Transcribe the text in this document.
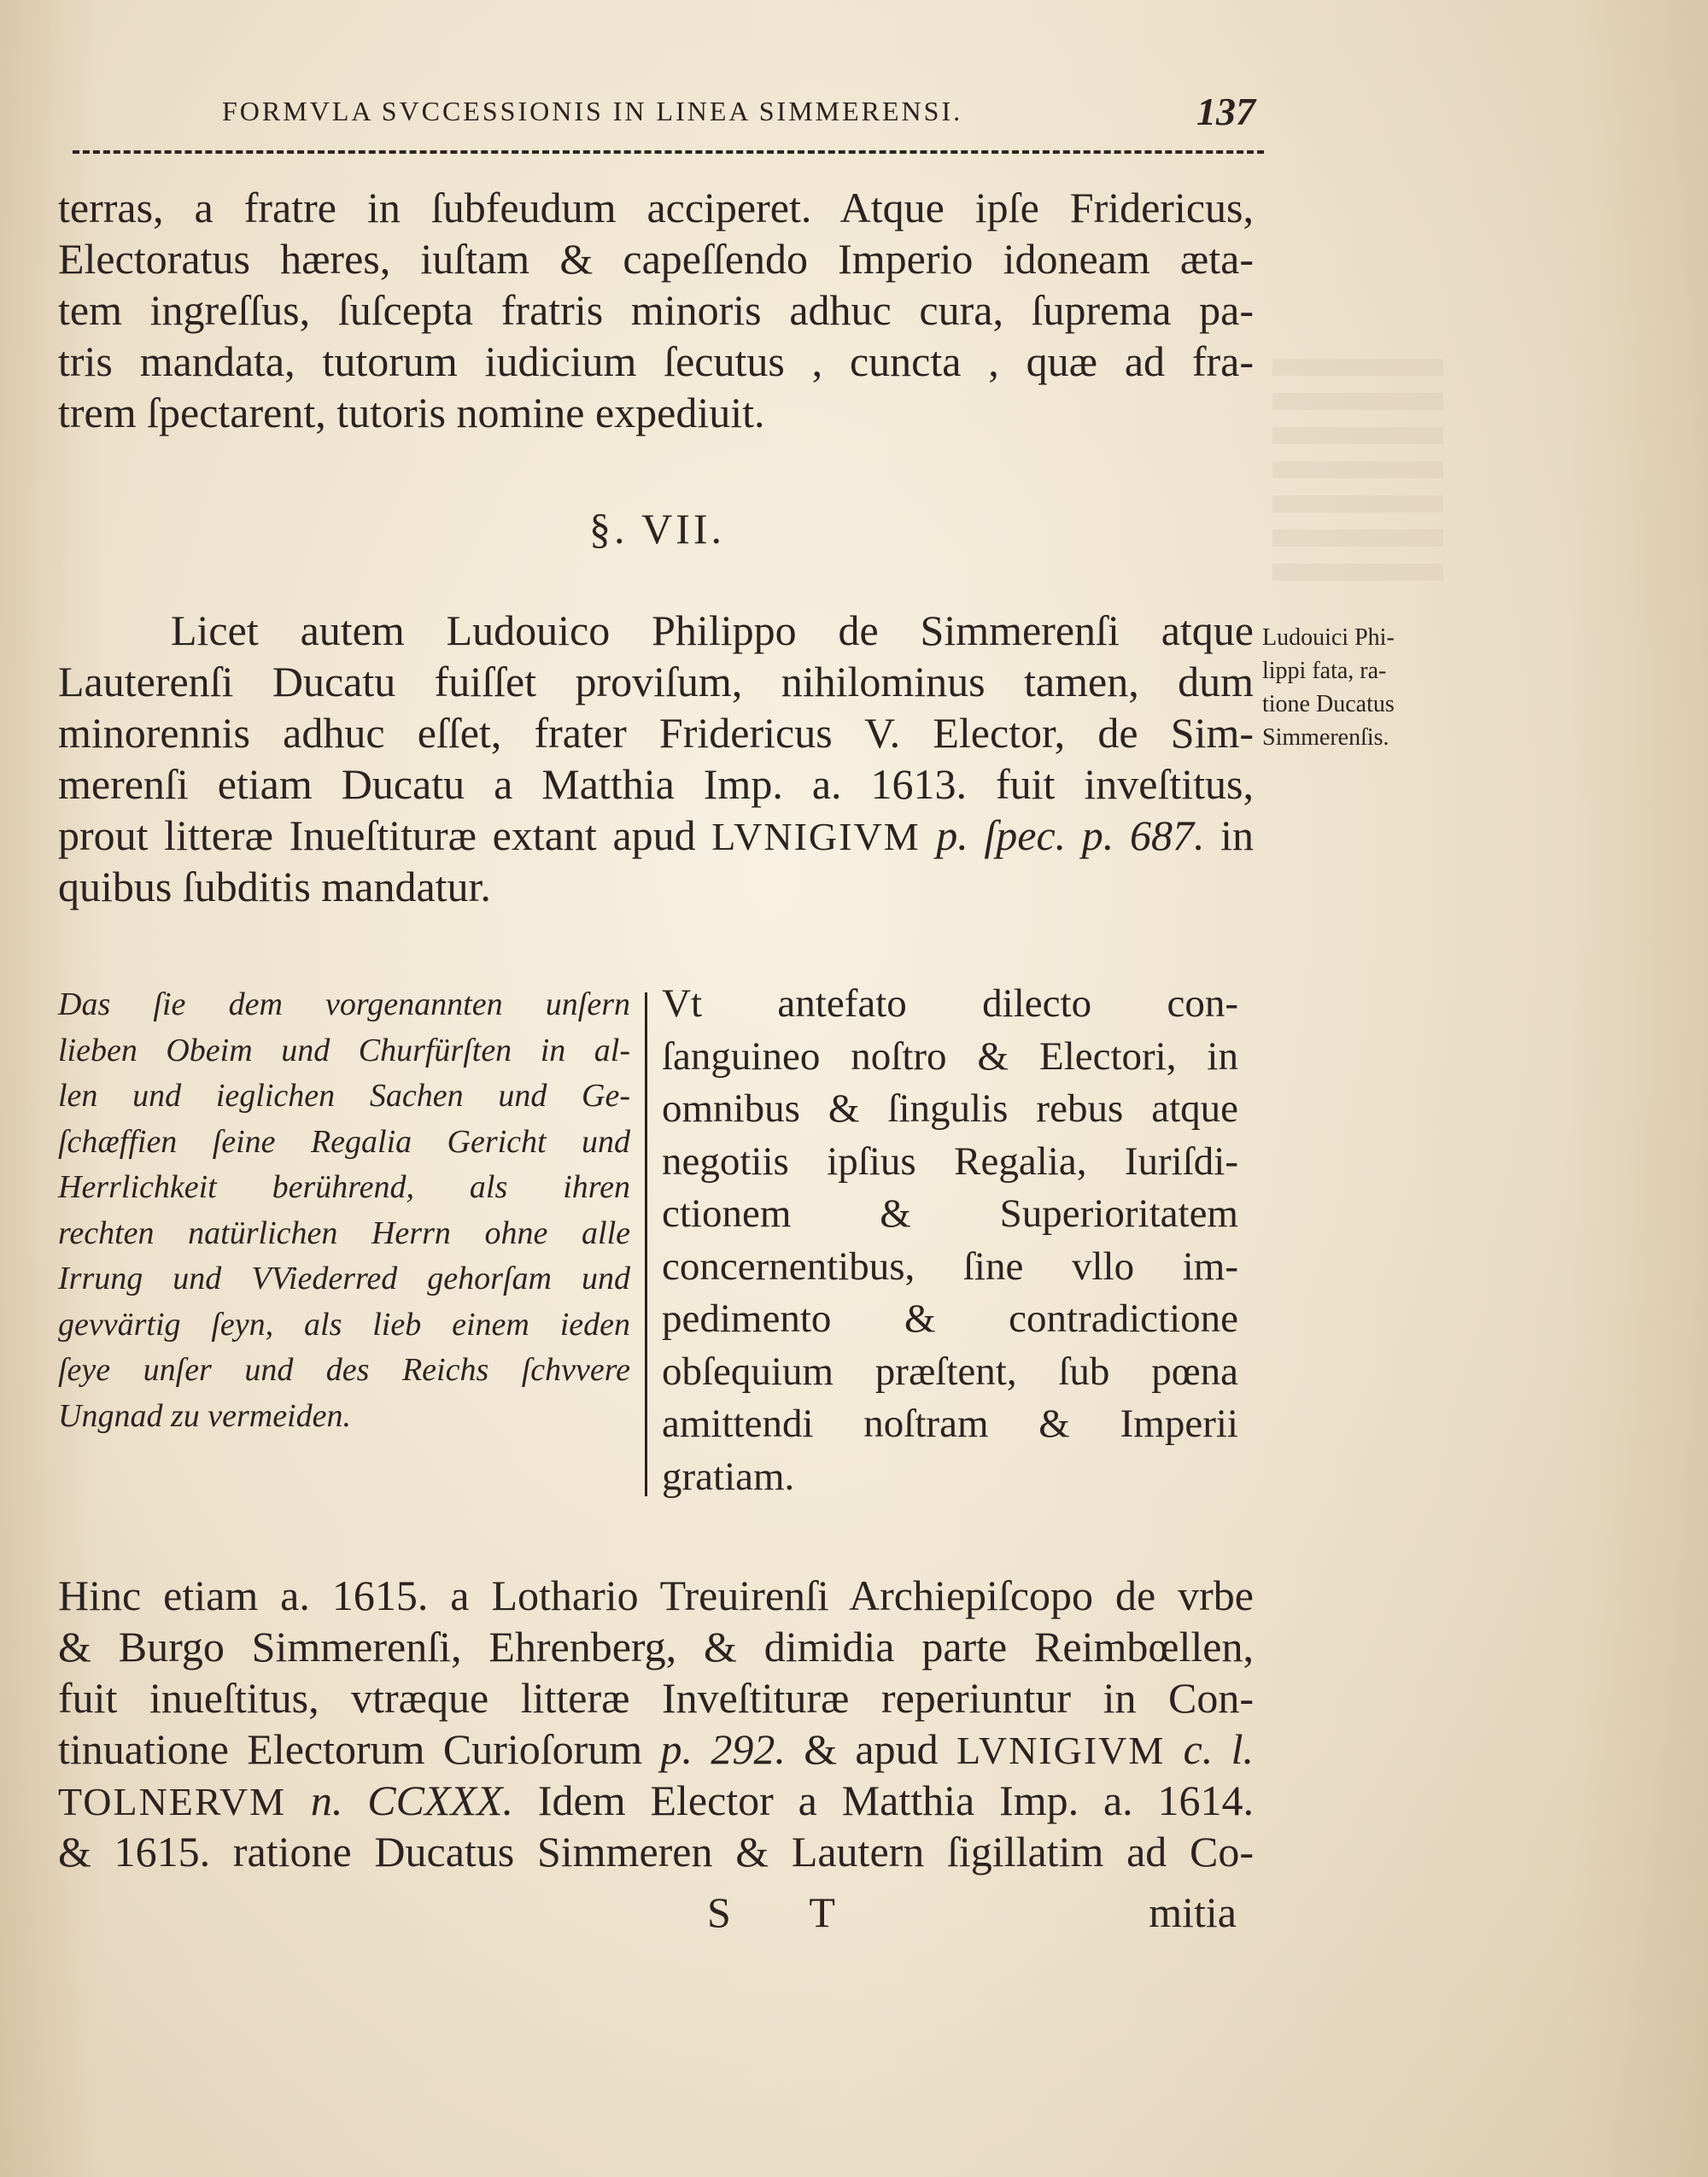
FORMVLA SVCCESSIONIS IN LINEA SIMMERENSI.	137
terras, a fratre in ſubfeudum acciperet. Atque ipſe Fridericus,
Electoratus hæres, iuſtam & capeſſendo Imperio idoneam æta-
tem ingreſſus, ſuſcepta fratris minoris adhuc cura, ſuprema pa-
tris mandata, tutorum iudicium ſecutus , cuncta , quæ ad fra-
trem ſpectarent, tutoris nomine expediuit.
§. VII.
Licet autem Ludouico Philippo de Simmerenſi atque
Lauterenſi Ducatu fuiſſet proviſum, nihilominus tamen, dum
minorennis adhuc eſſet, frater Fridericus V. Elector, de Sim-
merenſi etiam Ducatu a Matthia Imp. a. 1613. fuit inveſtitus,
prout litteræ Inueſtituræ extant apud LVNIGIVM p. ſpec. p. 687. in
quibus ſubditis mandatur.
Ludouici Phi-
lippi fata, ra-
tione Ducatus
Simmerenſis.
Das ſie dem vorgenannten unſern
lieben Obeim und Churfürſten in al-
len und ieglichen Sachen und Ge-
ſchæffien ſeine Regalia Gericht und
Herrlichkeit berührend, als ihren
rechten natürlichen Herrn ohne alle
Irrung und VViederred gehorſam und
gevvärtig ſeyn, als lieb einem ieden
ſeye unſer und des Reichs ſchvvere
Ungnad zu vermeiden.
Vt antefato dilecto con-
ſanguineo noſtro & Electori, in
omnibus & ſingulis rebus atque
negotiis ipſius Regalia, Iuriſdi-
ctionem & Superioritatem
concernentibus, ſine vllo im-
pedimento & contradictione
obſequium præſtent, ſub pœna
amittendi noſtram & Imperii
gratiam.
Hinc etiam a. 1615. a Lothario Treuirenſi Archiepiſcopo de vrbe
& Burgo Simmerenſi, Ehrenberg, & dimidia parte Reimbœllen,
fuit inueſtitus, vtræque litteræ Inveſtituræ reperiuntur in Con-
tinuatione Electorum Curioſorum p. 292. & apud LVNIGIVM c. l.
TOLNERVM n. CCXXX. Idem Elector a Matthia Imp. a. 1614.
& 1615. ratione Ducatus Simmeren & Lautern ſigillatim ad Co-
S T	mitia
